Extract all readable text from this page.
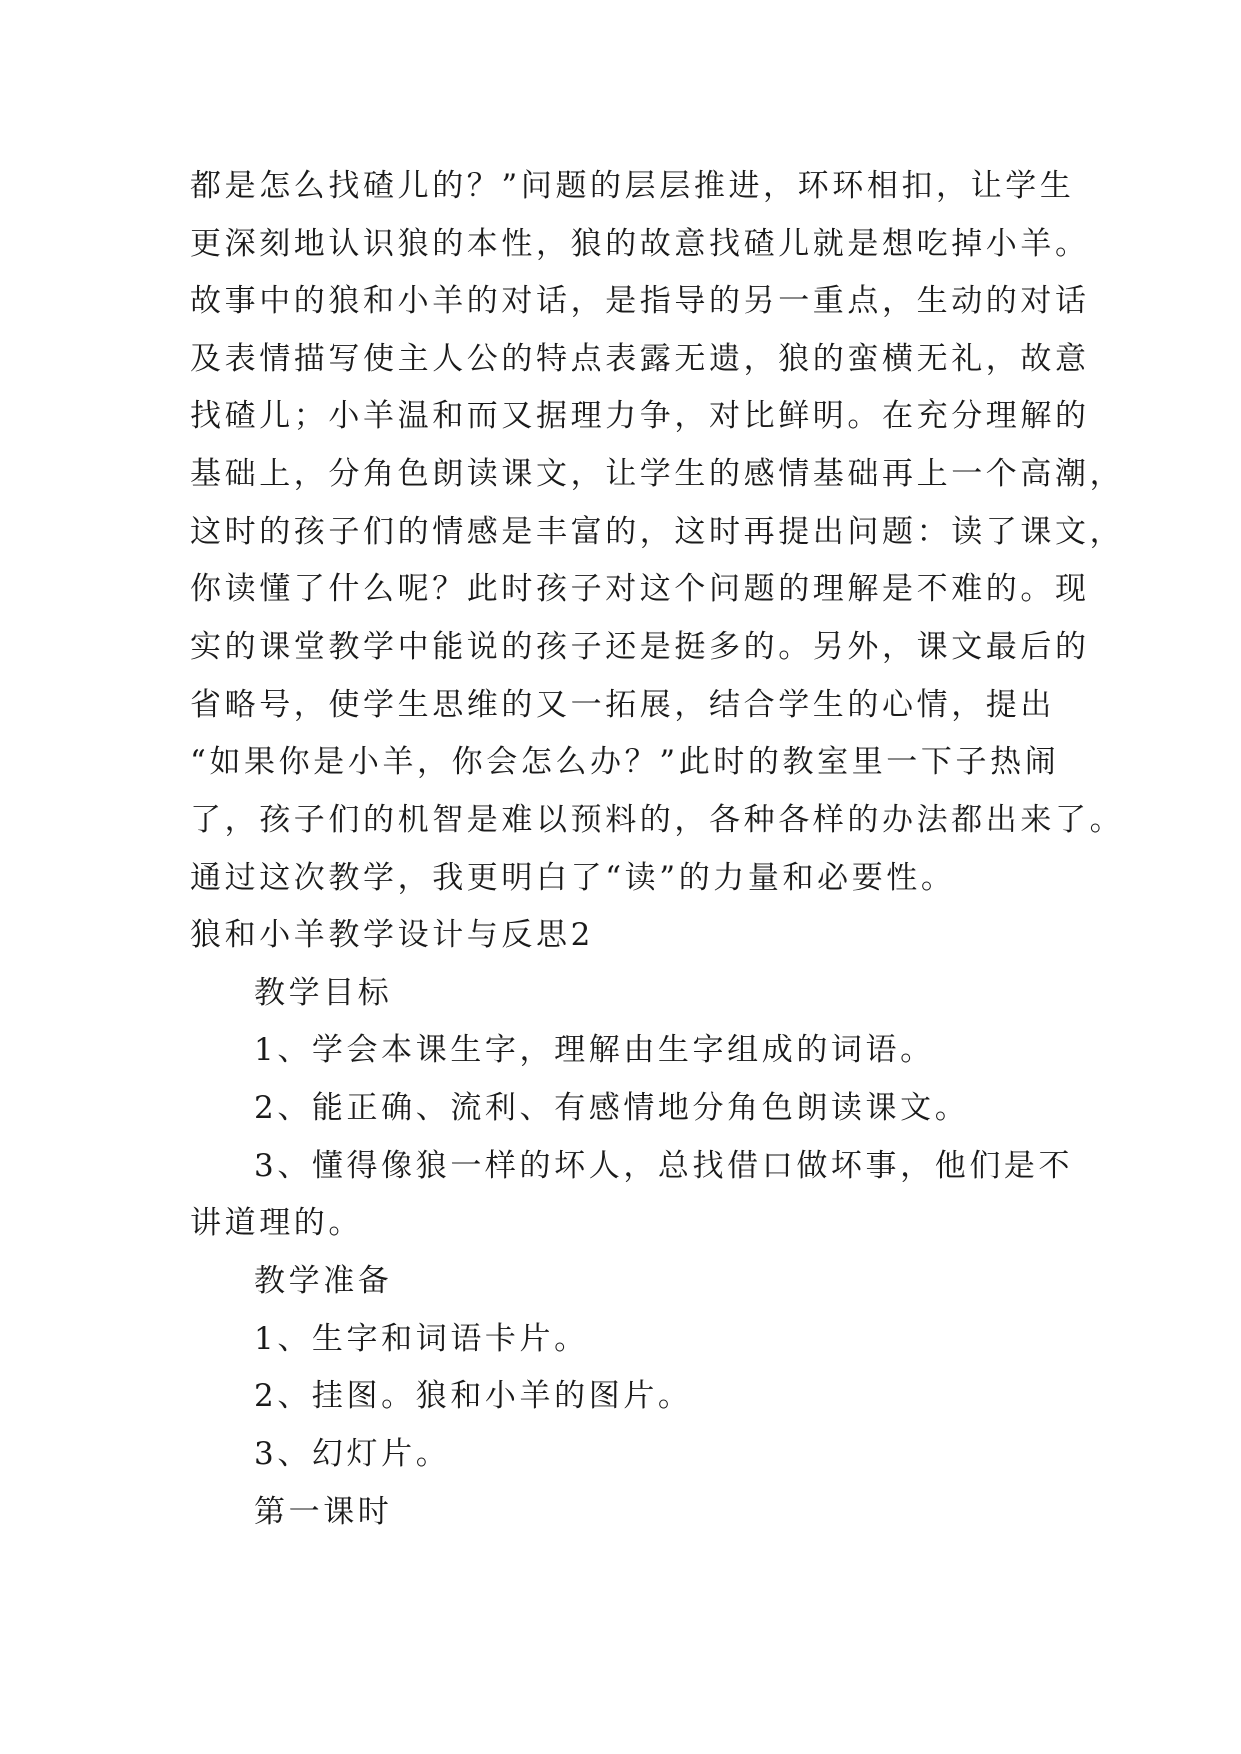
都是怎么找碴儿的？”问题的层层推进，环环相扣，让学生
更深刻地认识狼的本性，狼的故意找碴儿就是想吃掉小羊。
故事中的狼和小羊的对话，是指导的另一重点，生动的对话
及表情描写使主人公的特点表露无遗，狼的蛮横无礼，故意
找碴儿；小羊温和而又据理力争，对比鲜明。在充分理解的
基础上，分角色朗读课文，让学生的感情基础再上一个高潮，
这时的孩子们的情感是丰富的，这时再提出问题：读了课文，
你读懂了什么呢？此时孩子对这个问题的理解是不难的。现
实的课堂教学中能说的孩子还是挺多的。另外，课文最后的
省略号，使学生思维的又一拓展，结合学生的心情，提出
“如果你是小羊，你会怎么办？”此时的教室里一下子热闹
了，孩子们的机智是难以预料的，各种各样的办法都出来了。
通过这次教学，我更明白了“读”的力量和必要性。
狼和小羊教学设计与反思2
教学目标
1、学会本课生字，理解由生字组成的词语。
2、能正确、流利、有感情地分角色朗读课文。
3、懂得像狼一样的坏人，总找借口做坏事，他们是不
讲道理的。
教学准备
1、生字和词语卡片。
2、挂图。狼和小羊的图片。
3、幻灯片。
第一课时
